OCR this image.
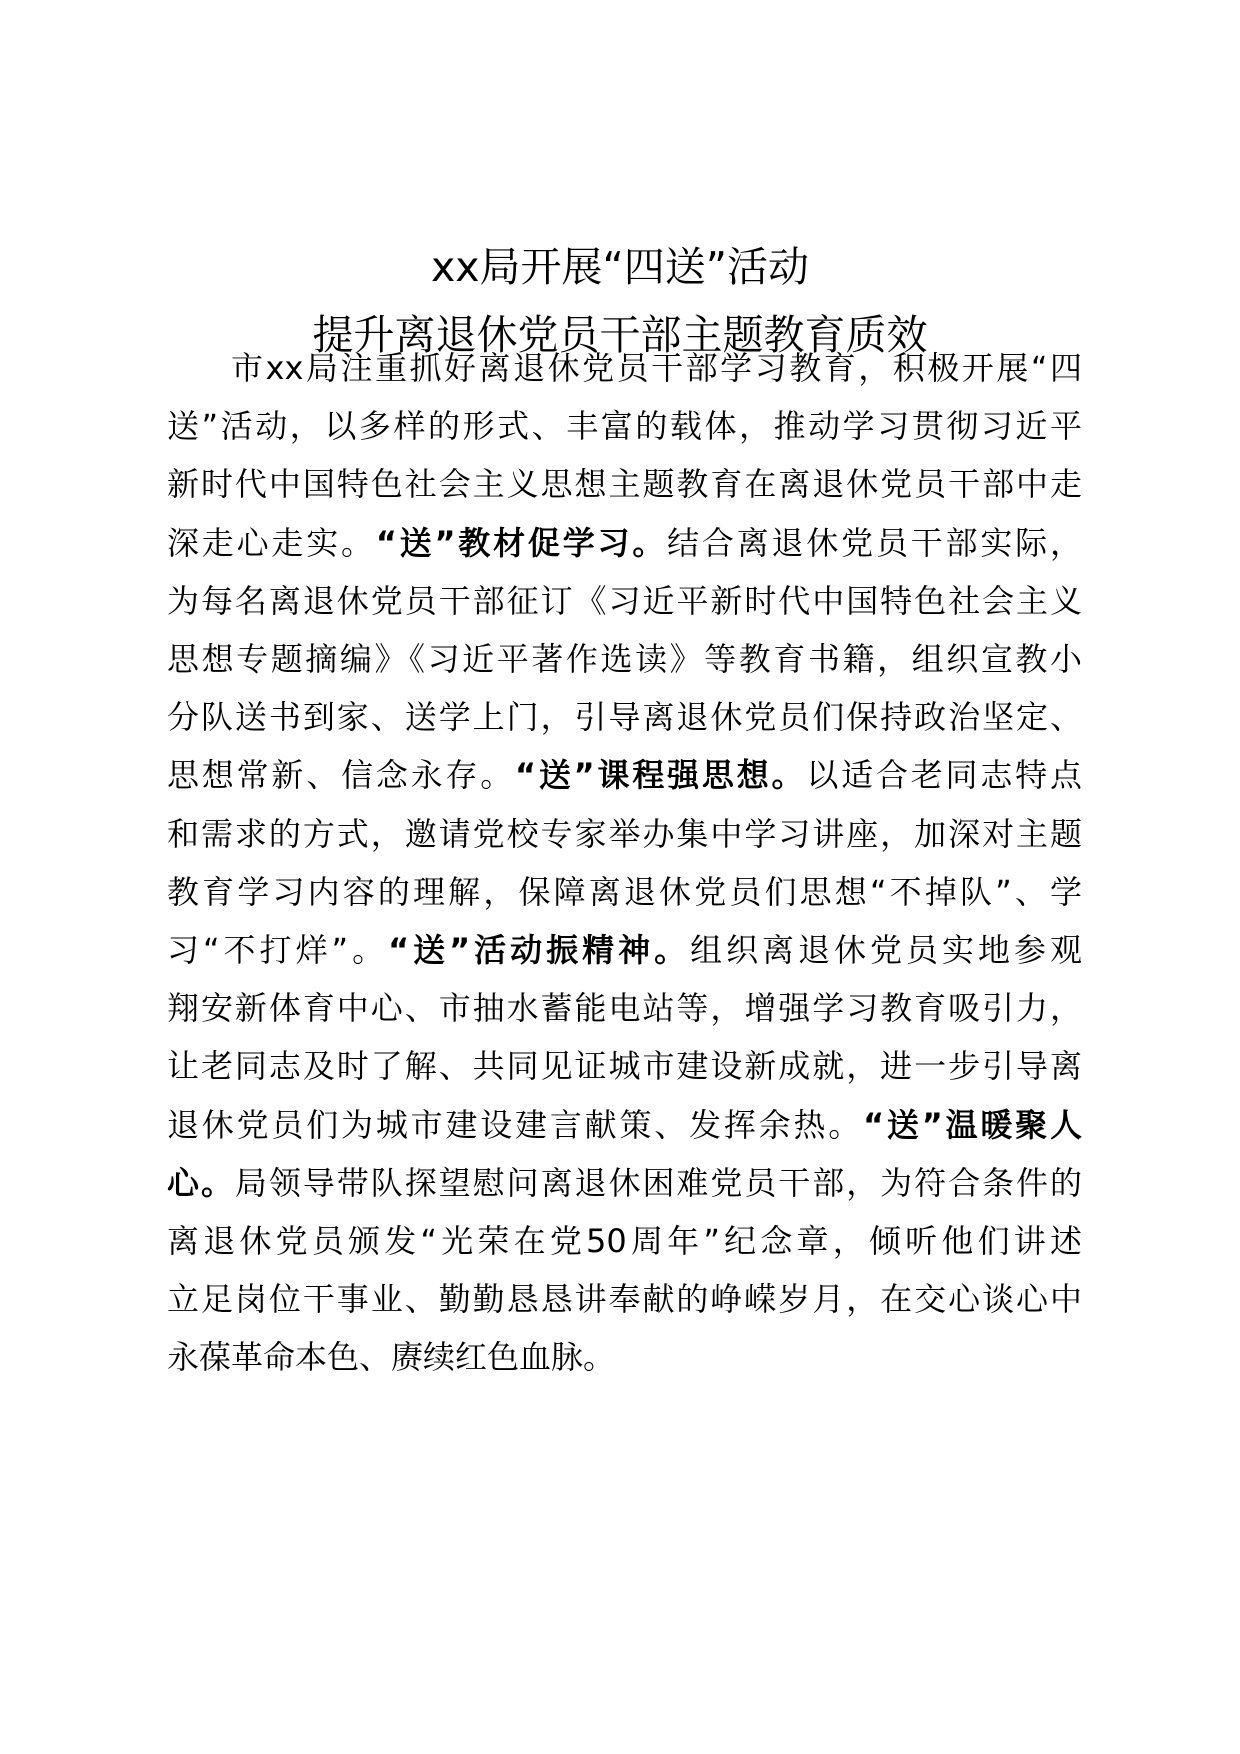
xx局开展“四送”活动
提升离退休党员干部主题教育质效
市xx局注重抓好离退休党员干部学习教育，积极开展“四
送”活动，以多样的形式、丰富的载体，推动学习贯彻习近平
新时代中国特色社会主义思想主题教育在离退休党员干部中走
深走心走实。“送”教材促学习。结合离退休党员干部实际，
为每名离退休党员干部征订《习近平新时代中国特色社会主义
思想专题摘编》《习近平著作选读》等教育书籍，组织宣教小
分队送书到家、送学上门，引导离退休党员们保持政治坚定、
思想常新、信念永存。“送”课程强思想。以适合老同志特点
和需求的方式，邀请党校专家举办集中学习讲座，加深对主题
教育学习内容的理解，保障离退休党员们思想“不掉队”、学
习“不打烊”。“送”活动振精神。组织离退休党员实地参观
翔安新体育中心、市抽水蓄能电站等，增强学习教育吸引力，
让老同志及时了解、共同见证城市建设新成就，进一步引导离
退休党员们为城市建设建言献策、发挥余热。“送”温暖聚人
心。局领导带队探望慰问离退休困难党员干部，为符合条件的
离退休党员颁发“光荣在党50周年”纪念章，倾听他们讲述
立足岗位干事业、勤勤恳恳讲奉献的峥嵘岁月，在交心谈心中
永葆革命本色、赓续红色血脉。
